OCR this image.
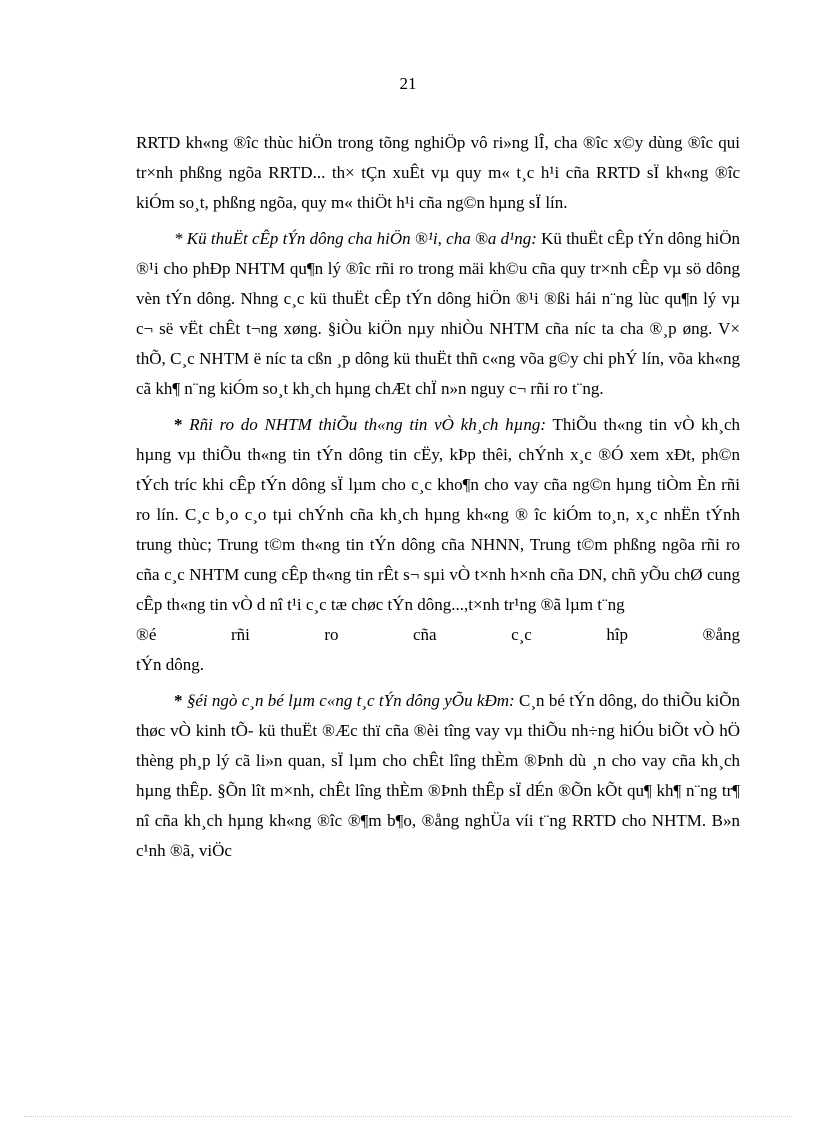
21

RRTD kh«ng ®îc thùc hiÖn trong tõng nghiÖp vô ri»ng lÎ, cha ®îc x©y dùng ®îc qui tr×nh phßng ngõa RRTD... th× tÇn xuÊt vµ quy m« t¸c h¹i cña RRTD sÏ kh«ng ®îc kiÓm so¸t, phßng ngõa, quy m« thiÖt h¹i cña ng©n hµng sÏ lín.

* Kü thuËt cÊp tÝn dông cha hiÖn ®¹i, cha ®a d¹ng: Kü thuËt cÊp tÝn dông hiÖn ®¹i cho phÐp NHTM qu¶n lý ®îc rñi ro trong mäi kh©u cña quy tr×nh cÊp vµ sö dông vèn tÝn dông. Nhng c¸c kü thuËt cÊp tÝn dông hiÖn ®¹i ®ßi hái n¨ng lùc qu¶n lý vµ c¬ së vËt chÊt t¬ng xøng. §iÒu kiÖn nµy nhiÒu NHTM cña níc ta cha ®¸p øng. V× thÕ, C¸c NHTM ë níc ta cßn ¸p dông kü thuËt thñ c«ng võa g©y chi phÝ lín, võa kh«ng cã kh¶ n¨ng kiÓm so¸t kh¸ch hµng chÆt chÏ n»n nguy c¬ rñi ro t¨ng.

* Rñi ro do NHTM thiÕu th«ng tin vÒ kh¸ch hµng: ThiÕu th«ng tin vÒ kh¸ch hµng vµ thiÕu th«ng tin tÝn dông tin cËy, kÞp thêi, chÝnh x¸c ®Ó xem xÐt, ph©n tÝch tríc khi cÊp tÝn dông sÏ lµm cho c¸c kho¶n cho vay cña ng©n hµng tiÒm Èn rñi ro lín. C¸c b¸o c¸o tµi chÝnh cña kh¸ch hµng kh«ng ® îc kiÓm to¸n, x¸c nhËn tÝnh trung thùc; Trung t©m th«ng tin tÝn dông cña NHNN, Trung t©m phßng ngõa rñi ro cña c¸c NHTM cung cÊp th«ng tin rÊt s¬ sµi vÒ t×nh h×nh cña DN, chñ yÕu chØ cung cÊp th«ng tin vÒ d nî t¹i c¸c tæ chøc tÝn dông...,t×nh tr¹ng ®ã lµm t¨ng

®é	rñi	ro	cña	c¸c	hîp	®ång

tÝn dông.

* §éi ngò c¸n bé lµm c«ng t¸c tÝn dông yÕu kÐm: C¸n bé tÝn dông, do thiÕu kiÕn thøc vÒ kinh tÕ- kü thuËt ®Æc thï cña ®èi tîng vay vµ thiÕu nh÷ng hiÓu biÕt vÒ hÖ thèng ph¸p lý cã li»n quan, sÏ lµm cho chÊt lîng thÈm ®Þnh dù ¸n cho vay cña kh¸ch hµng thÊp. §Õn lît m×nh, chÊt lîng thÈm ®Þnh thÊp sÏ dÉn ®Õn kÕt qu¶ kh¶ n¨ng tr¶ nî cña kh¸ch hµng kh«ng ®îc ®¶m b¶o, ®ång nghÜa víi t¨ng RRTD cho NHTM. B»n c¹nh ®ã, viÖc
